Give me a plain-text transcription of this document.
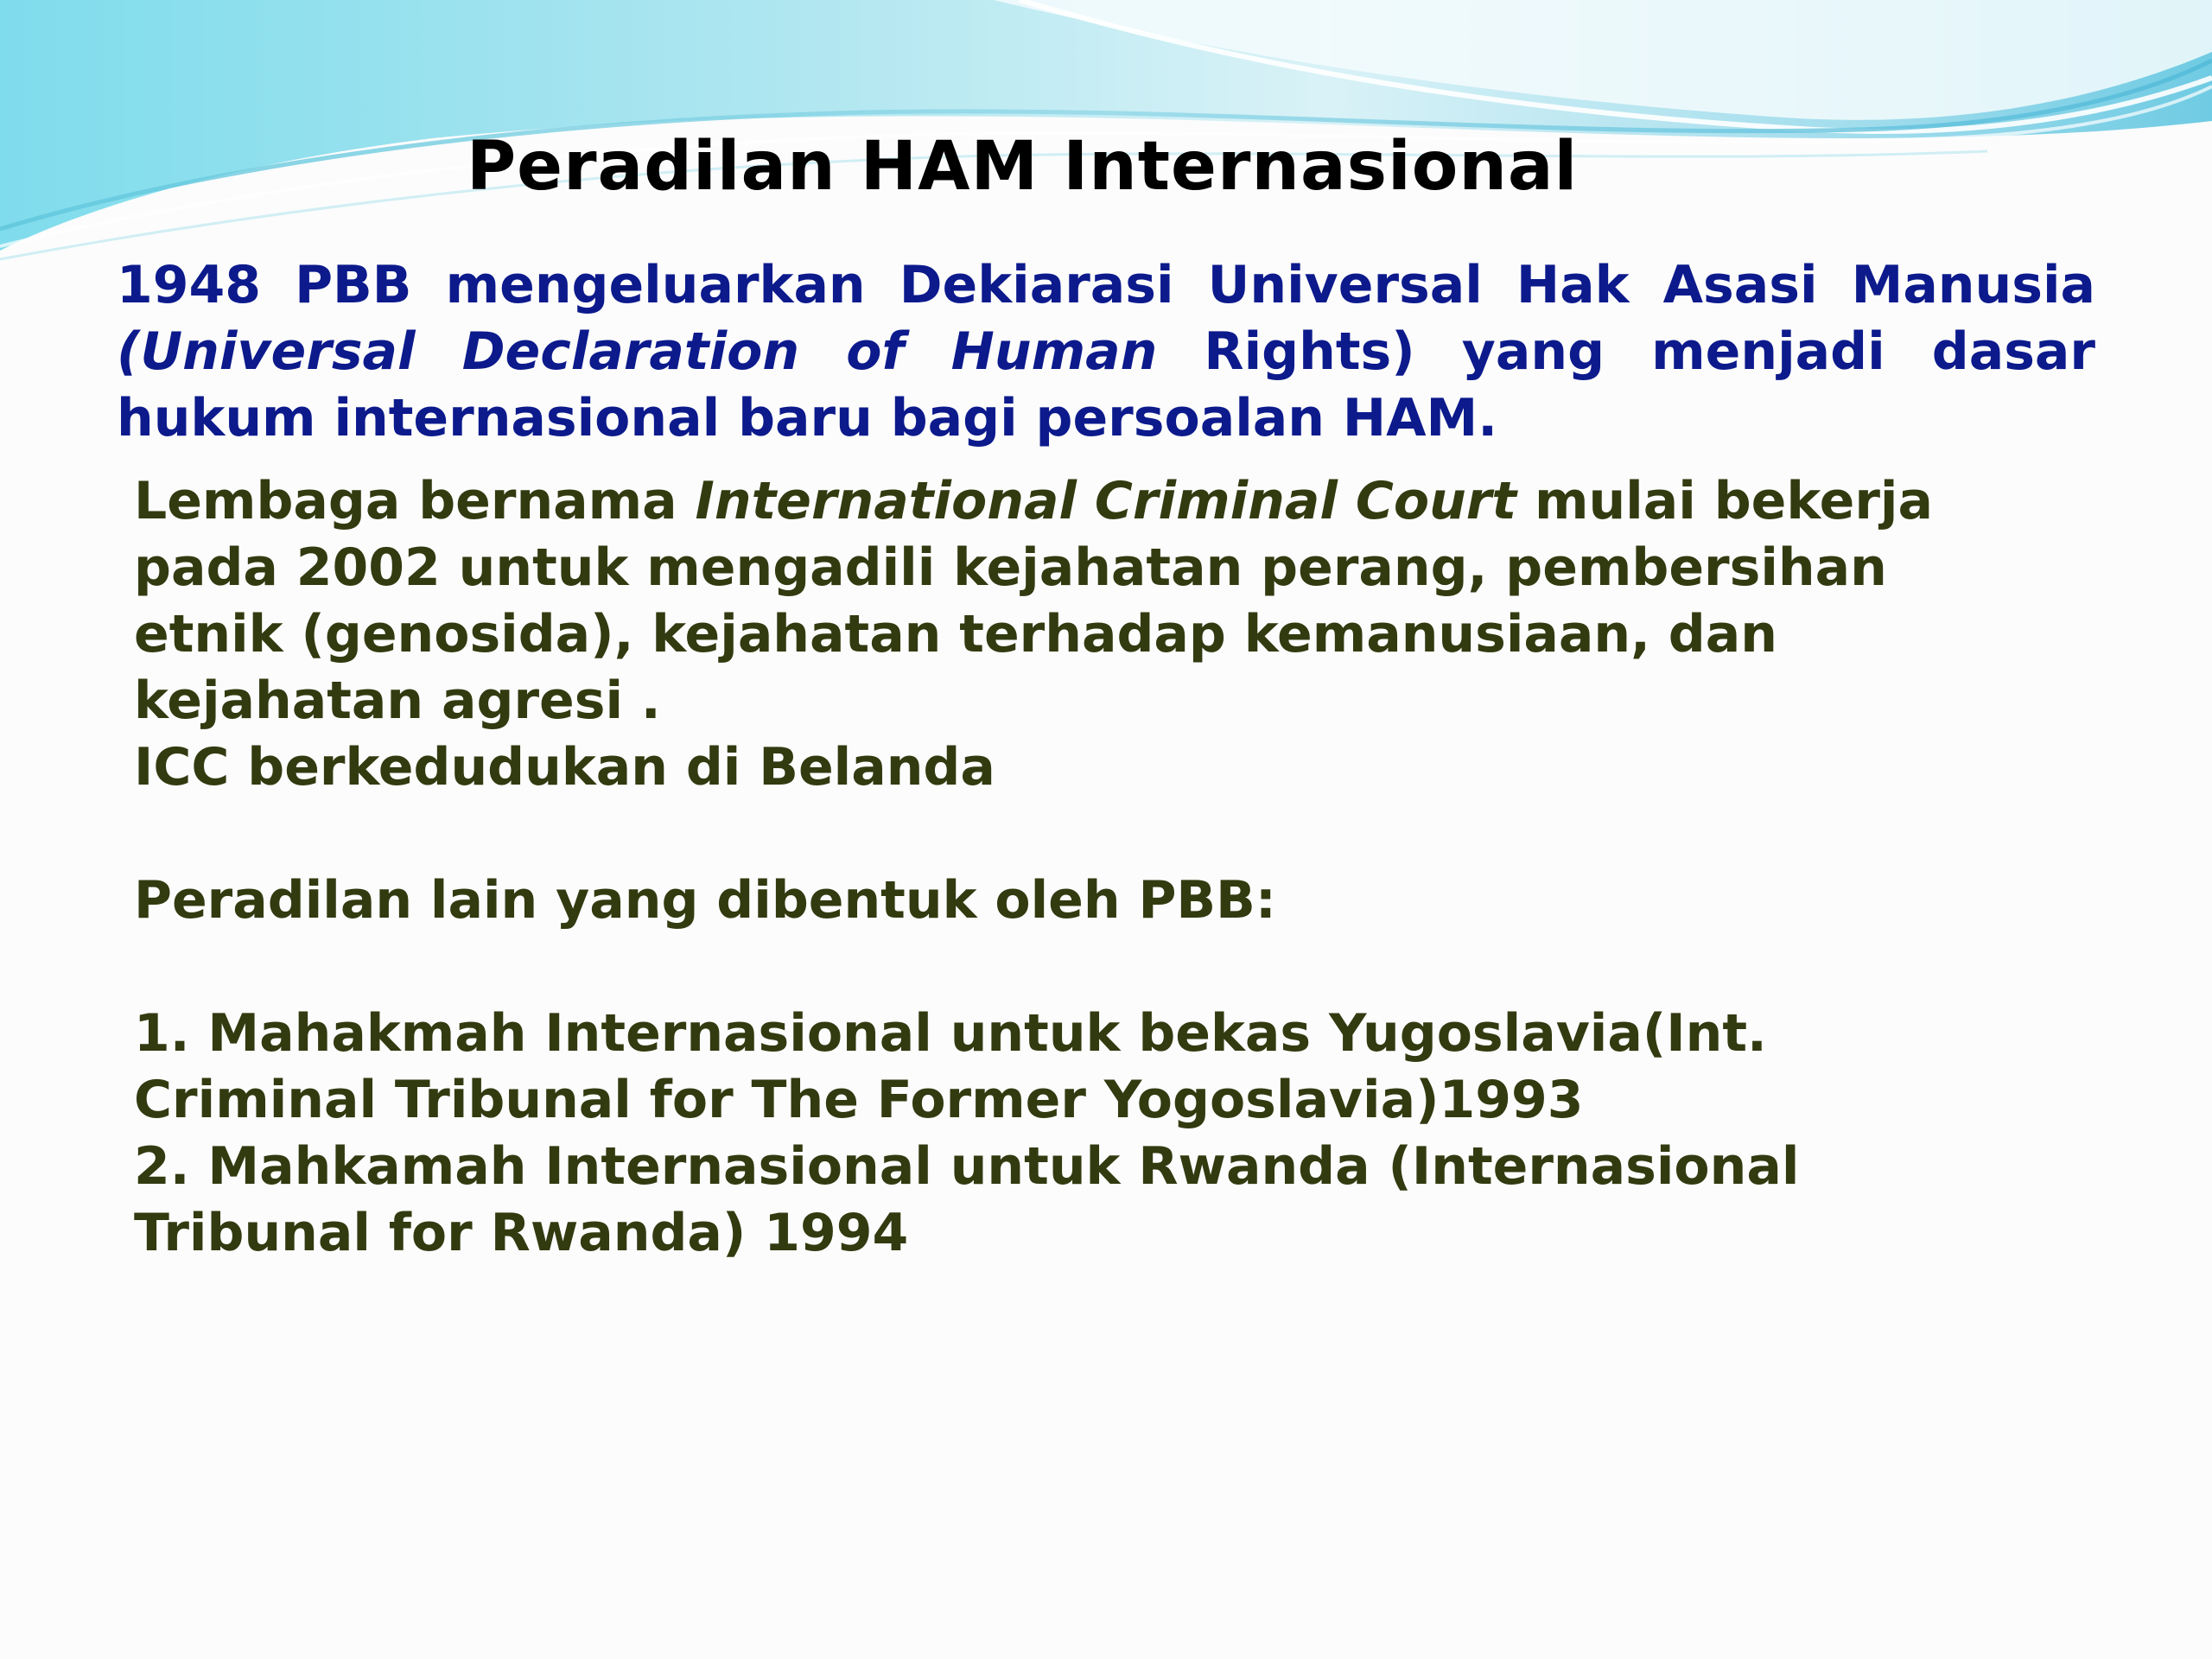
Peradilan HAM Internasional
1948 PBB mengeluarkan Dekiarasi Universal Hak Asasi Manusia (Universal Declaration of Human Rights) yang menjadi dasar hukum internasional baru bagi persoalan HAM.
Lembaga bernama International Criminal Court mulai bekerja
pada 2002 untuk mengadili kejahatan perang, pembersihan
etnik (genosida), kejahatan terhadap kemanusiaan, dan
kejahatan agresi .
ICC berkedudukan di Belanda
Peradilan lain yang dibentuk oleh PBB:
1. Mahakmah Internasional untuk bekas Yugoslavia(Int.
Criminal Tribunal for The Former Yogoslavia)1993
2. Mahkamah Internasional untuk Rwanda (Internasional
Tribunal for Rwanda) 1994
